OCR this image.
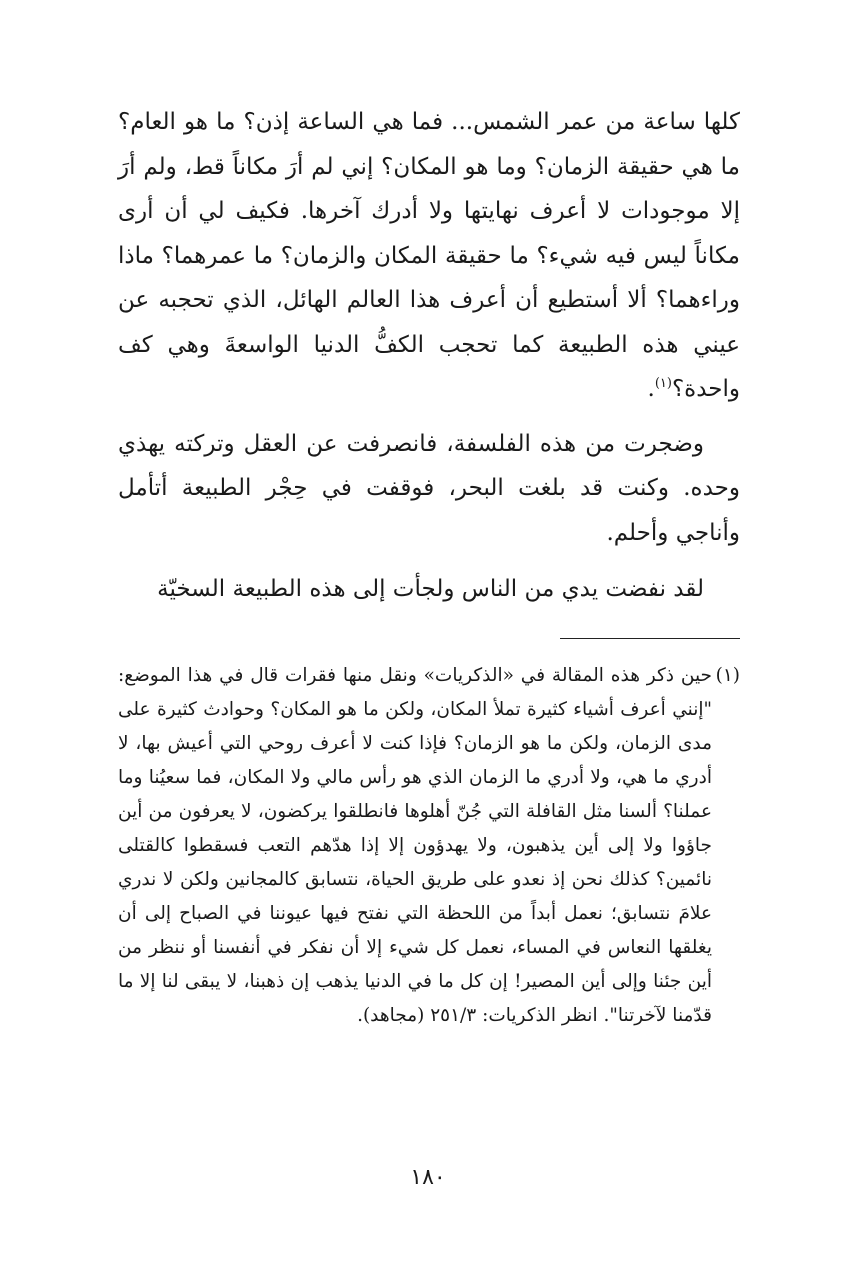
كلها ساعة من عمر الشمس... فما هي الساعة إذن؟ ما هو العام؟ ما هي حقيقة الزمان؟ وما هو المكان؟ إني لم أرَ مكاناً قط، ولم أرَ إلا موجودات لا أعرف نهايتها ولا أدرك آخرها. فكيف لي أن أرى مكاناً ليس فيه شيء؟ ما حقيقة المكان والزمان؟ ما عمرهما؟ ماذا وراءهما؟ ألا أستطيع أن أعرف هذا العالم الهائل، الذي تحجبه عن عيني هذه الطبيعة كما تحجب الكفُّ الدنيا الواسعةَ وهي كف واحدة؟$^{(١)}$.

وضجرت من هذه الفلسفة، فانصرفت عن العقل وتركته يهذي وحده. وكنت قد بلغت البحر، فوقفت في حِجْر الطبيعة أتأمل وأناجي وأحلم.

لقد نفضت يدي من الناس ولجأت إلى هذه الطبيعة السخيّة

(١)حين ذكر هذه المقالة في «الذكريات» ونقل منها فقرات قال في هذا الموضع: "إنني أعرف أشياء كثيرة تملأ المكان، ولكن ما هو المكان؟ وحوادث كثيرة على مدى الزمان، ولكن ما هو الزمان؟ فإذا كنت لا أعرف روحي التي أعيش بها، لا أدري ما هي، ولا أدري ما الزمان الذي هو رأس مالي ولا المكان، فما سعيُنا وما عملنا؟ ألسنا مثل القافلة التي جُنّ أهلوها فانطلقوا يركضون، لا يعرفون من أين جاؤوا ولا إلى أين يذهبون، ولا يهدؤون إلا إذا هدّهم التعب فسقطوا كالقتلى نائمين؟ كذلك نحن إذ نعدو على طريق الحياة، نتسابق كالمجانين ولكن لا ندري علامَ نتسابق؛ نعمل أبداً من اللحظة التي نفتح فيها عيوننا في الصباح إلى أن يغلقها النعاس في المساء، نعمل كل شيء إلا أن نفكر في أنفسنا أو ننظر من أين جئنا وإلى أين المصير! إن كل ما في الدنيا يذهب إن ذهبنا، لا يبقى لنا إلا ما قدّمنا لآخرتنا". انظر الذكريات: ٢٥١/٣ (مجاهد).
١٨٠
